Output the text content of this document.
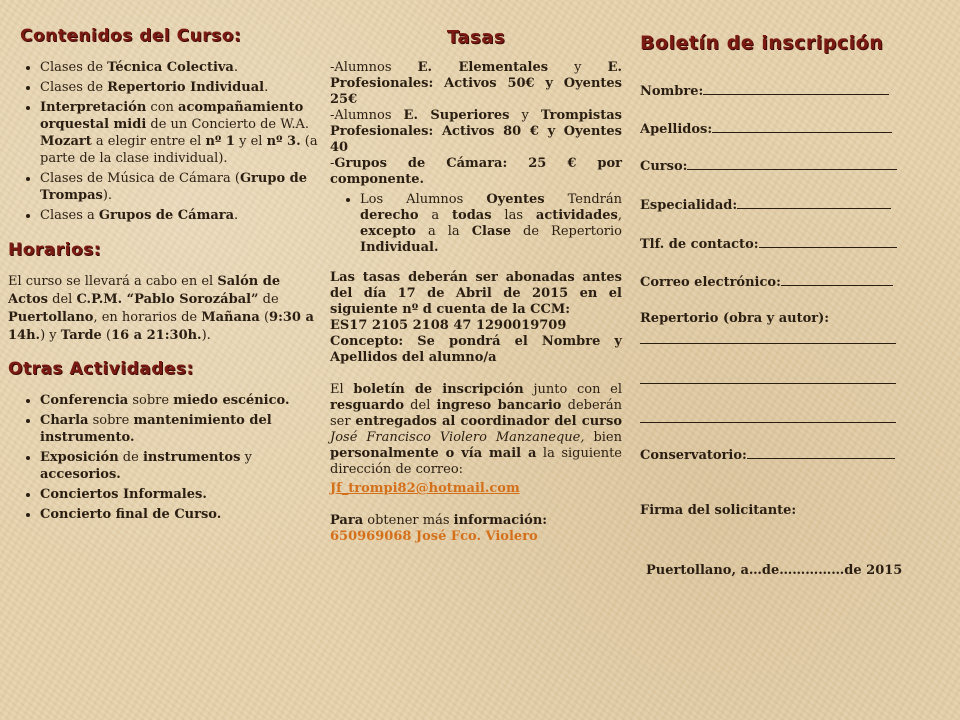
Contenidos del Curso:
• Clases de Técnica Colectiva.
• Clases de Repertorio Individual.
• Interpretación con acompañamiento orquestal midi de un Concierto de W.A. Mozart a elegir entre el nº 1 y el nº 3. (a parte de la clase individual).
• Clases de Música de Cámara (Grupo de Trompas).
• Clases a Grupos de Cámara.
Horarios:

El curso se llevará a cabo en el Salón de Actos del C.P.M. “Pablo Sorozábal” de Puertollano, en horarios de Mañana (9:30 a 14h.) y Tarde (16 a 21:30h.).

Otras Actividades:
• Conferencia sobre miedo escénico.
• Charla sobre mantenimiento del instrumento.
• Exposición de instrumentos y accesorios.
• Conciertos Informales.
• Concierto final de Curso.
Tasas
-Alumnos E. Elementales y E. Profesionales: Activos 50€ y Oyentes 25€
-Alumnos E. Superiores y Trompistas Profesionales: Activos 80 € y Oyentes 40
-Grupos de Cámara: 25 € por componente.
• Los Alumnos Oyentes Tendrán derecho a todas las actividades, excepto a la Clase de Repertorio Individual.
Las tasas deberán ser abonadas antes del día 17 de Abril de 2015 en el siguiente nº d cuenta de la CCM:
ES17 2105 2108 47 1290019709
Concepto: Se pondrá el Nombre y Apellidos del alumno/a
El boletín de inscripción junto con el resguardo del ingreso bancario deberán ser entregados al coordinador del curso José Francisco Violero Manzaneque, bien personalmente o vía mail a la siguiente dirección de correo:
Jf_trompi82@hotmail.com
Para obtener más información:
650969068 José Fco. Violero
Boletín de inscripción
Nombre:
Apellidos:
Curso:
Especialidad:
Tlf. de contacto:
Correo electrónico:
Repertorio (obra y autor):
Conservatorio:
Firma del solicitante:
Puertollano, a…de……………de 2015
